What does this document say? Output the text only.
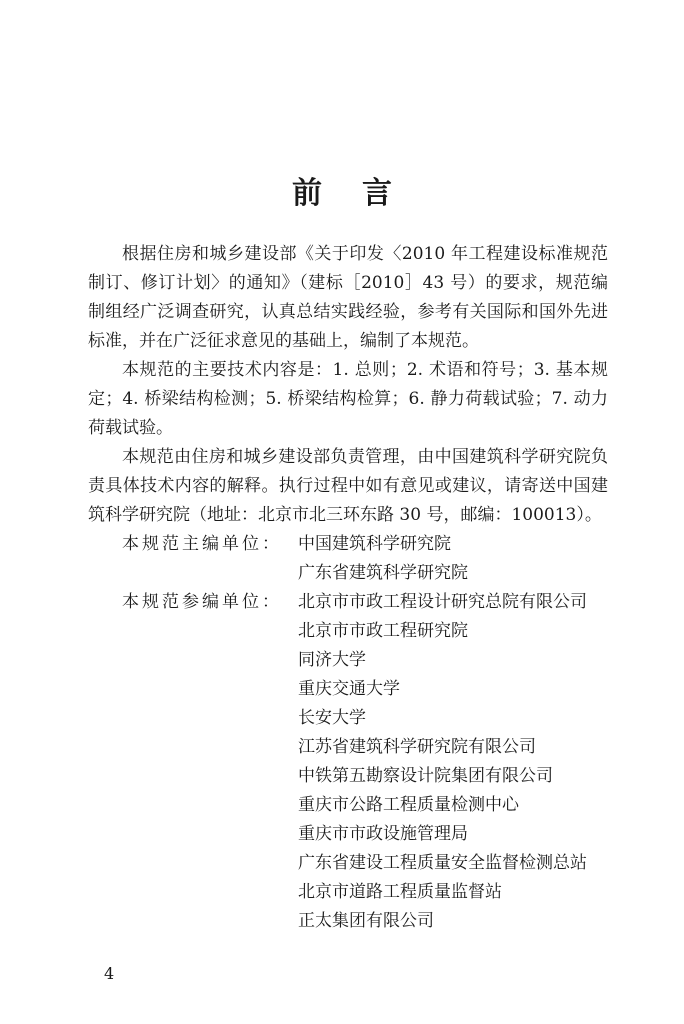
前言

根据住房和城乡建设部《关于印发〈2010 年工程建设标准规范制订、修订计划〉的通知》（建标［2010］43 号）的要求，规范编制组经广泛调查研究，认真总结实践经验，参考有关国际和国外先进标准，并在广泛征求意见的基础上，编制了本规范。

本规范的主要技术内容是：1. 总则；2. 术语和符号；3. 基本规定；4. 桥梁结构检测；5. 桥梁结构检算；6. 静力荷载试验；7. 动力荷载试验。

本规范由住房和城乡建设部负责管理，由中国建筑科学研究院负责具体技术内容的解释。执行过程中如有意见或建议，请寄送中国建筑科学研究院（地址：北京市北三环东路 30 号，邮编：100013）。

本规范主编单位： 中国建筑科学研究院
广东省建筑科学研究院
本规范参编单位： 北京市市政工程设计研究总院有限公司
北京市市政工程研究院
同济大学
重庆交通大学
长安大学
江苏省建筑科学研究院有限公司
中铁第五勘察设计院集团有限公司
重庆市公路工程质量检测中心
重庆市市政设施管理局
广东省建设工程质量安全监督检测总站
北京市道路工程质量监督站
正太集团有限公司
4
